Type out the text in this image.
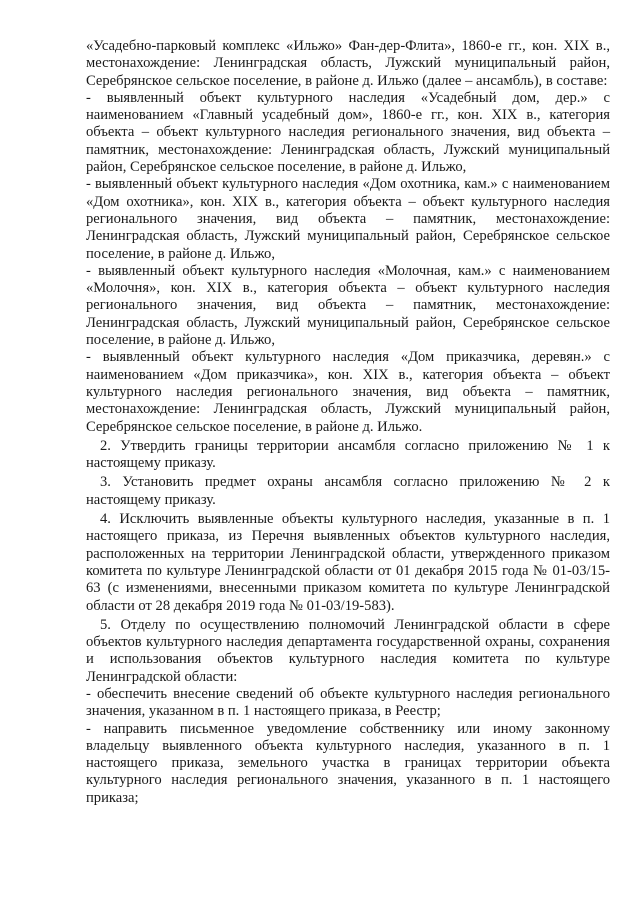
«Усадебно-парковый комплекс «Ильжо» Фан-дер-Флита», 1860-е гг., кон. XIX в., местонахождение: Ленинградская область, Лужский муниципальный район, Серебрянское сельское поселение, в районе д. Ильжо (далее – ансамбль), в составе:

- выявленный объект культурного наследия «Усадебный дом, дер.» с наименованием «Главный усадебный дом», 1860-е гг., кон. XIX в., категория объекта – объект культурного наследия регионального значения, вид объекта – памятник, местонахождение: Ленинградская область, Лужский муниципальный район, Серебрянское сельское поселение, в районе д. Ильжо,

- выявленный объект культурного наследия «Дом охотника, кам.» с наименованием «Дом охотника», кон. XIX в., категория объекта – объект культурного наследия регионального значения, вид объекта – памятник, местонахождение: Ленинградская область, Лужский муниципальный район, Серебрянское сельское поселение, в районе д. Ильжо,

- выявленный объект культурного наследия «Молочная, кам.» с наименованием «Молочня», кон. XIX в., категория объекта – объект культурного наследия регионального значения, вид объекта – памятник, местонахождение: Ленинградская область, Лужский муниципальный район, Серебрянское сельское поселение, в районе д. Ильжо,

- выявленный объект культурного наследия «Дом приказчика, деревян.» с наименованием «Дом приказчика», кон. XIX в., категория объекта – объект культурного наследия регионального значения, вид объекта – памятник, местонахождение: Ленинградская область, Лужский муниципальный район, Серебрянское сельское поселение, в районе д. Ильжо.

2. Утвердить границы территории ансамбля согласно приложению № 1 к настоящему приказу.

3. Установить предмет охраны ансамбля согласно приложению № 2 к настоящему приказу.

4. Исключить выявленные объекты культурного наследия, указанные в п. 1 настоящего приказа, из Перечня выявленных объектов культурного наследия, расположенных на территории Ленинградской области, утвержденного приказом комитета по культуре Ленинградской области от 01 декабря 2015 года № 01-03/15-63 (с изменениями, внесенными приказом комитета по культуре Ленинградской области от 28 декабря 2019 года № 01-03/19-583).

5. Отделу по осуществлению полномочий Ленинградской области в сфере объектов культурного наследия департамента государственной охраны, сохранения и использования объектов культурного наследия комитета по культуре Ленинградской области:

- обеспечить внесение сведений об объекте культурного наследия регионального значения, указанном в п. 1 настоящего приказа, в Реестр;

- направить письменное уведомление собственнику или иному законному владельцу выявленного объекта культурного наследия, указанного в п. 1 настоящего приказа, земельного участка в границах территории объекта культурного наследия регионального значения, указанного в п. 1 настоящего приказа;
